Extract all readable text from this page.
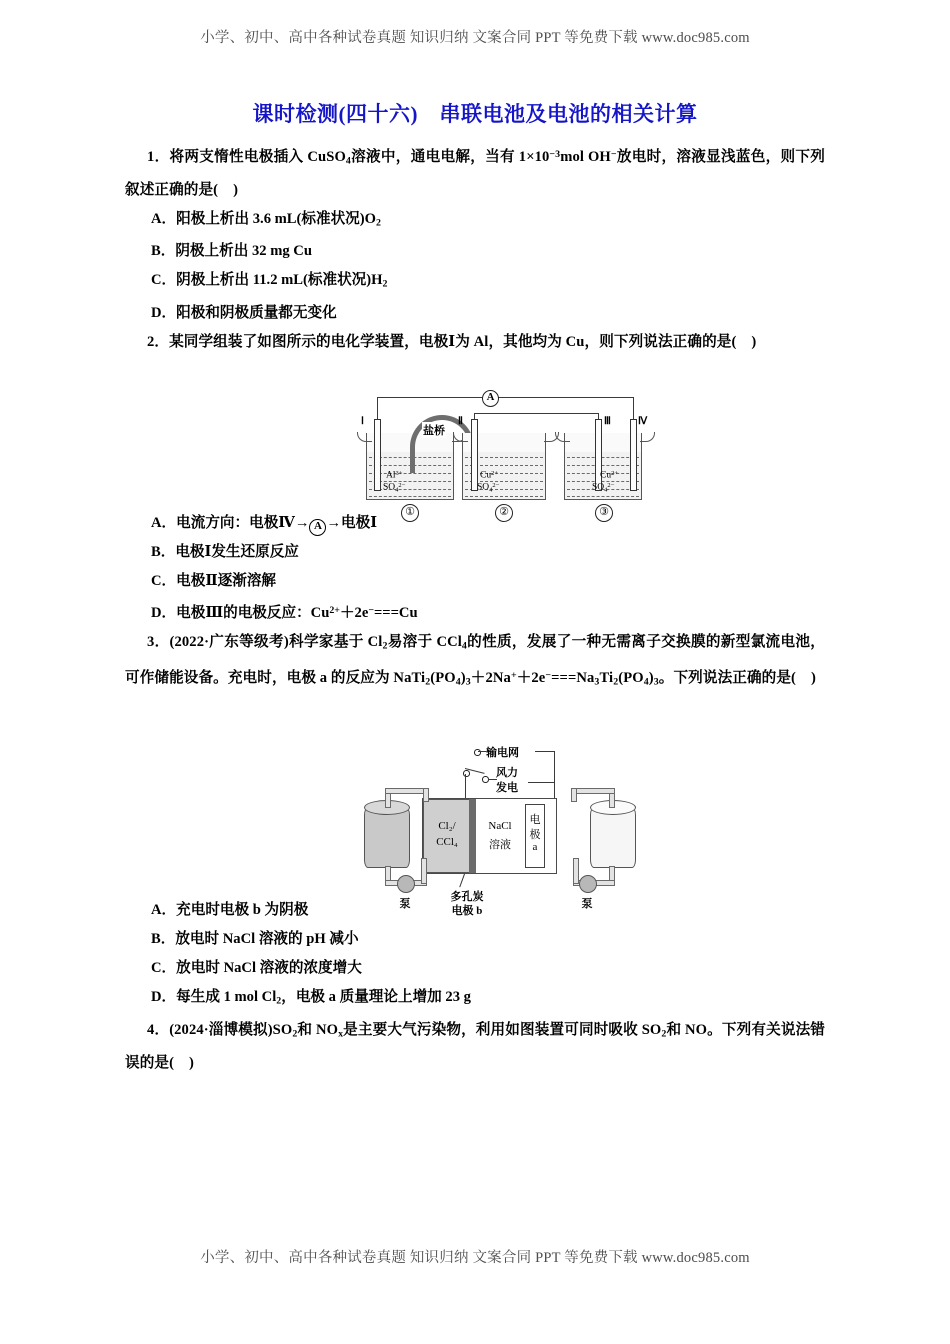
小学、初中、高中各种试卷真题 知识归纳 文案合同 PPT 等免费下载 www.doc985.com
课时检测(四十六)　串联电池及电池的相关计算
1．将两支惰性电极插入 CuSO$_4$溶液中，通电电解，当有 $1\times 10^{-3}mol$ OH−放电时，溶液显浅蓝色，则下列叙述正确的是(    )
A．阳极上析出 3.6 mL(标准状况)$O_2$
B．阴极上析出 32 mg Cu
C．阴极上析出 11.2 mL(标准状况)$H_2$
D．阳极和阴极质量都无变化
2．某同学组装了如图所示的电化学装置，电极Ⅰ为 Al，其他均为 Cu，则下列说法正确的是(    )
A．电流方向：电极Ⅳ→ A →电极Ⅰ
B．电极Ⅰ发生还原反应
C．电极Ⅱ逐渐溶解
D．电极Ⅲ的电极反应：$Cu^{2+}+2e^-===Cu$
3．(2022·广东等级考)科学家基于 $Cl_2$易溶于 CCl$_4$的性质，发展了一种无需离子交换膜的新型氯流电池，可作储能设备。充电时，电极 a 的反应为 $NaTi_2(PO_4)_3+2Na^++2e^-===Na_3Ti_2(PO_4)_3$。下列说法正确的是(    )
A．充电时电极 b 为阴极
B．放电时 NaCl 溶液的 pH 减小
C．放电时 NaCl 溶液的浓度增大
D．每生成 1 mol $Cl_2$，电极 a 质量理论上增加 23 g
4．(2024·淄博模拟)$SO_2$和 $NO_x$是主要大气污染物，利用如图装置可同时吸收 $SO_2$和 NO。下列有关说法错误的是(    )
A
Ⅰ
$Al^{3+}$
$SO_4^{2-}$
①
盐桥
Ⅱ
$Cu^{2+}$
$SO_4^{2-}$
②
Ⅲ	Ⅳ
$Cu^{2+}$
$SO_4^{2-}$
③
输电网
风力
发电
Cl₂/
CCl₄
NaCl
溶液
电
极
a
多孔炭
电极 b
泵	泵
小学、初中、高中各种试卷真题 知识归纳 文案合同 PPT 等免费下载 www.doc985.com
